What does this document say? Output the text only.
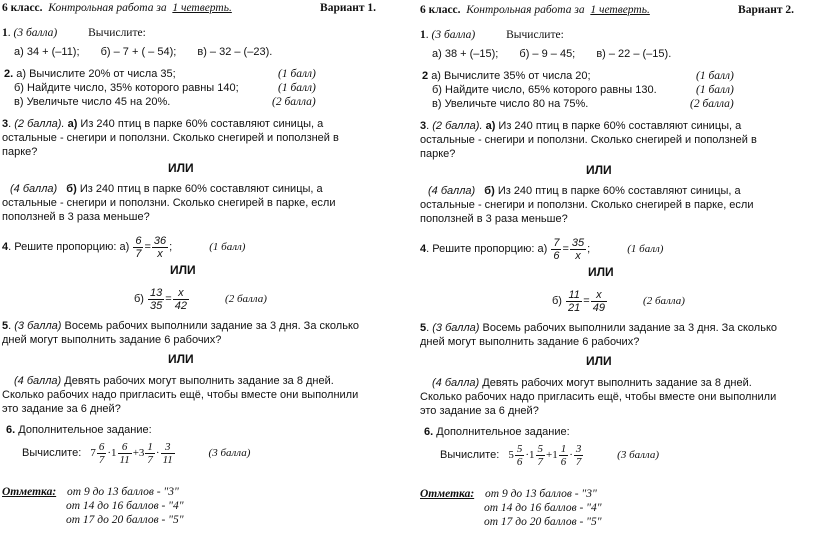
6 класс. Контрольная работа за 1 четверть.	Вариант 1.
1. (3 балла)	Вычислите:
а) 34 + (–11); б) – 7 + ( – 54); в) – 32 – (–23).
2. а) Вычислите 20% от числа 35;	(1 балл)
б) Найдите число, 35% которого равны 140;	(1 балл)
в) Увеличьте число 45 на 20%.	(2 балла)
3. (2 балла). а) Из 240 птиц в парке 60% составляют синицы, а
остальные - снегири и поползни. Сколько снегирей и поползней в
парке?
ИЛИ
(4 балла) б) Из 240 птиц в парке 60% составляют синицы, а
остальные - снегири и поползни. Сколько снегирей в парке, если
поползней в 3 раза меньше?
4. Решите пропорцию: $а) \frac{6}{7} = \frac{36}{x}$ ;	(1 балл)
ИЛИ
$б) \frac{13}{35} = \frac{x}{42}$	(2 балла)
5. (3 балла) Восемь рабочих выполнили задание за 3 дня. За сколько
дней могут выполнить задание 6 рабочих?
ИЛИ
(4 балла) Девять рабочих могут выполнить задание за 8 дней.
Сколько рабочих надо пригласить ещё, чтобы вместе они выполнили
это задание за 6 дней?
6. Дополнительное задание:
Вычислите: $7 \frac{6}{7} \cdot 1 \frac{6}{11} +3 \frac{1}{7} \cdot \frac{3}{11}$	(3 балла)
Отметка: от 9 до 13 баллов - "3"
от 14 до 16 баллов - "4"
от 17 до 20 баллов - "5"
6 класс. Контрольная работа за 1 четверть.	Вариант 2.
1. (3 балла)	Вычислите:
а) 38 + (–15); б) – 9 – 45; в) – 22 – (–15).
2 а) Вычислите 35% от числа 20;	(1 балл)
б) Найдите число, 65% которого равны 130.	(1 балл)
в) Увеличьте число 80 на 75%.	(2 балла)
3. (2 балла). а) Из 240 птиц в парке 60% составляют синицы, а
остальные - снегири и поползни. Сколько снегирей и поползней в
парке?
ИЛИ
(4 балла) б) Из 240 птиц в парке 60% составляют синицы, а
остальные - снегири и поползни. Сколько снегирей в парке, если
поползней в 3 раза меньше?
4. Решите пропорцию: $а) \frac{7}{6} = \frac{35}{x}$ ;	(1 балл)
ИЛИ
$б) \frac{11}{21} = \frac{x}{49}$	(2 балла)
5. (3 балла) Восемь рабочих выполнили задание за 3 дня. За сколько
дней могут выполнить задание 6 рабочих?
ИЛИ
(4 балла) Девять рабочих могут выполнить задание за 8 дней.
Сколько рабочих надо пригласить ещё, чтобы вместе они выполнили
это задание за 6 дней?
6. Дополнительное задание:
Вычислите: $5 \frac{5}{6} \cdot 1 \frac{5}{7} +1 \frac{1}{6} \cdot \frac{3}{7}$	(3 балла)
Отметка: от 9 до 13 баллов - "3"
от 14 до 16 баллов - "4"
от 17 до 20 баллов - "5"
